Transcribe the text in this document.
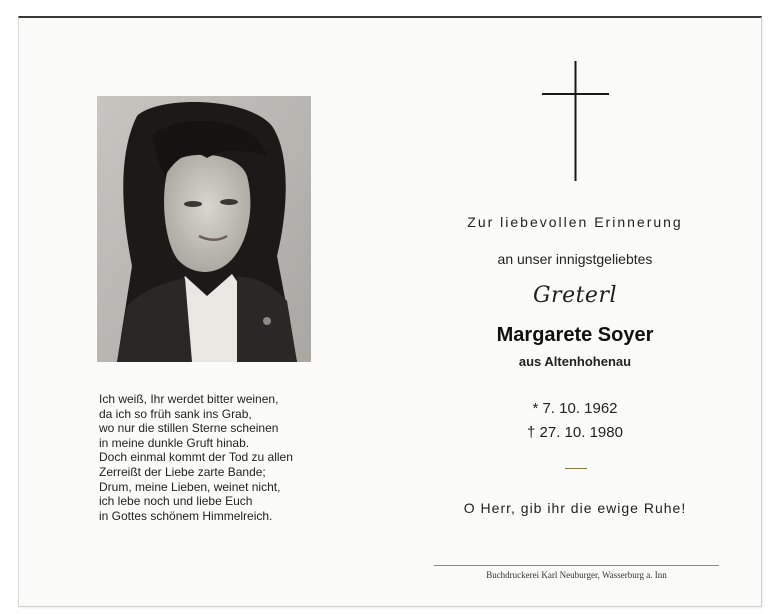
Ich weiß, Ihr werdet bitter weinen,
da ich so früh sank ins Grab,
wo nur die stillen Sterne scheinen
in meine dunkle Gruft hinab.
Doch einmal kommt der Tod zu allen
Zerreißt der Liebe zarte Bande;
Drum, meine Lieben, weinet nicht,
ich lebe noch und liebe Euch
in Gottes schönem Himmelreich.
Zur liebevollen Erinnerung
an unser innigstgeliebtes
Greterl
Margarete Soyer
aus Altenhohenau
* 7. 10. 1962
† 27. 10. 1980
O Herr, gib ihr die ewige Ruhe!
Buchdruckerei Karl Neuburger, Wasserburg a. Inn
